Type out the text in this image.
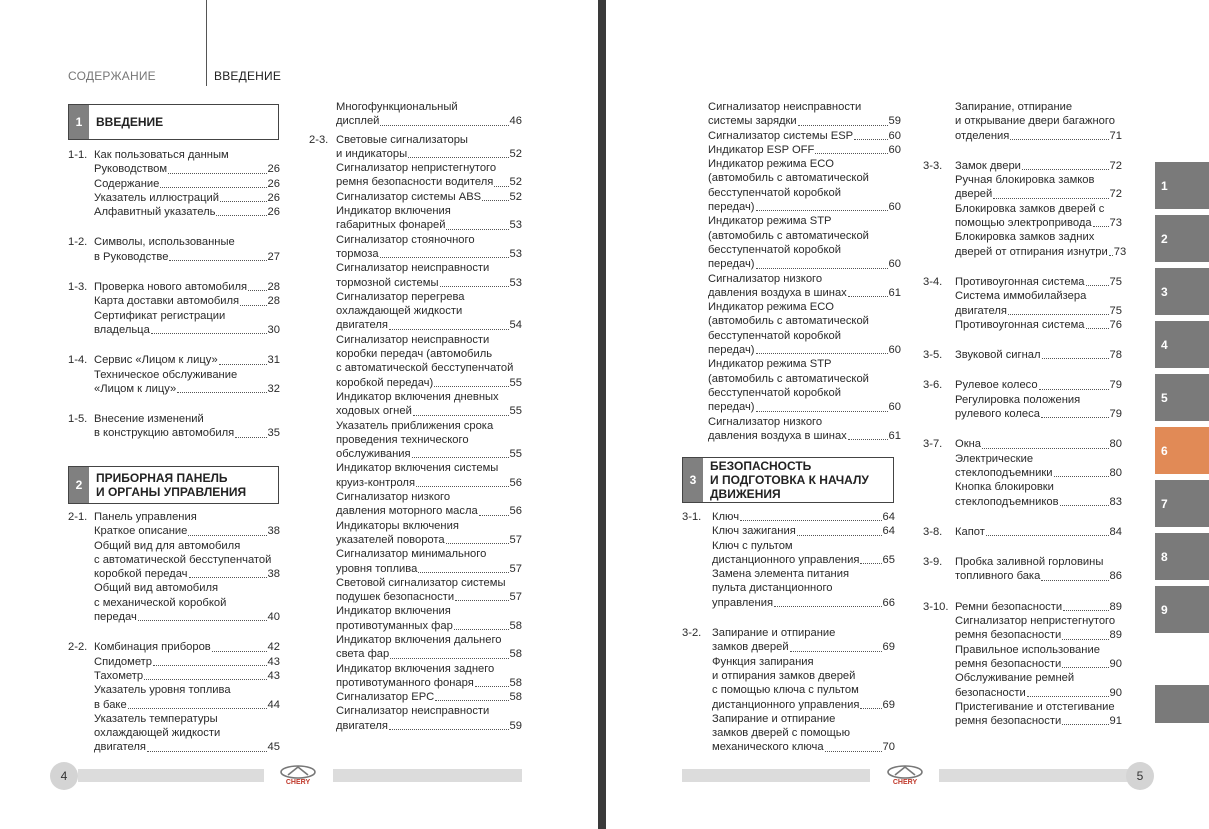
СОДЕРЖАНИЕ	ВВЕДЕНИЕ
1	ВВЕДЕНИЕ
1-1. Как пользоваться данным
Руководством	26
Содержание	26
Указатель иллюстраций	26
Алфавитный указатель	26
1-2. Символы, использованные
в Руководстве	27
1-3. Проверка нового автомобиля 28
Карта доставки автомобиля	28
Сертификат регистрации
владельца	30
1-4. Сервис «Лицом к лицу»	31
Техническое обслуживание
«Лицом к лицу»	32
1-5. Внесение изменений
в конструкцию автомобиля	35
2	ПРИБОРНАЯ ПАНЕЛЬ
И ОРГАНЫ УПРАВЛЕНИЯ
2-1. Панель управления
Краткое описание	38
Общий вид для автомобиля
с автоматической бесступенчатой
коробкой передач	38
Общий вид автомобиля
с механической коробкой
передач	40
2-2. Комбинация приборов	42
Спидометр	43
Тахометр	43
Указатель уровня топлива
в баке	44
Указатель температуры
охлаждающей жидкости
двигателя	45
Многофункциональный
дисплей	46
2-3. Световые сигнализаторы
и индикаторы	52
Сигнализатор непристегнутого
ремня безопасности водителя 52
Сигнализатор системы ABS	52
Индикатор включения
габаритных фонарей	53
Сигнализатор стояночного
тормоза	53
Сигнализатор неисправности
тормозной системы	53
Сигнализатор перегрева
охлаждающей жидкости
двигателя	54
Сигнализатор неисправности
коробки передач (автомобиль
с автоматической бесступенчатой
коробкой передач)	55
Индикатор включения дневных
ходовых огней	55
Указатель приближения срока
проведения технического
обслуживания	55
Индикатор включения системы
круиз-контроля	56
Сигнализатор низкого
давления моторного масла	56
Индикаторы включения
указателей поворота	57
Сигнализатор минимального
уровня топлива	57
Световой сигнализатор системы
подушек безопасности	57
Индикатор включения
противотуманных фар	58
Индикатор включения дальнего
света фар	58
Индикатор включения заднего
противотуманного фонаря	58
Сигнализатор EPC	58
Сигнализатор неисправности
двигателя	59
4	CHERY
Сигнализатор неисправности
системы зарядки	59
Сигнализатор системы ESP	60
Индикатор ESP OFF	60
Индикатор режима ECO
(автомобиль с автоматической
бесступенчатой коробкой
передач)	60
Индикатор режима STP
(автомобиль с автоматической
бесступенчатой коробкой
передач)	60
Сигнализатор низкого
давления воздуха в шинах	61
Индикатор режима ECO
(автомобиль с автоматической
бесступенчатой коробкой
передач)	60
Индикатор режима STP
(автомобиль с автоматической
бесступенчатой коробкой
передач)	60
Сигнализатор низкого
давления воздуха в шинах	61
3
БЕЗОПАСНОСТЬ
И ПОДГОТОВКА К НАЧАЛУ
ДВИЖЕНИЯ
3-1. Ключ	64
Ключ зажигания	64
Ключ с пультом
дистанционного управления 65
Замена элемента питания
пульта дистанционного
управления	66
3-2. Запирание и отпирание
замков дверей	69
Функция запирания
и отпирания замков дверей
с помощью ключа с пультом
дистанционного управления 69
Запирание и отпирание
замков дверей с помощью
механического ключа	70
Запирание, отпирание
и открывание двери багажного
отделения	71
3-3. Замок двери	72
Ручная блокировка замков
дверей	72
Блокировка замков дверей с
помощью электропривода 73
Блокировка замков задних
дверей от отпирания изнутри 73
3-4. Противоугонная система 75
Система иммобилайзера
двигателя	75
Противоугонная система 76
3-5. Звуковой сигнал	78
3-6. Рулевое колесо	79
Регулировка положения
рулевого колеса	79
3-7. Окна	80
Электрические
стеклоподъемники	80
Кнопка блокировки
стеклоподъемников	83
3-8. Капот	84
3-9. Пробка заливной горловины
топливного бака	86
3-10. Ремни безопасности	89
Сигнализатор непристегнутого
ремня безопасности	89
Правильное использование
ремня безопасности	90
Обслуживание ремней
безопасности	90
Пристегивание и отстегивание
ремня безопасности	91
CHERY	5
1
2
3
4
5
6
7
8
9
